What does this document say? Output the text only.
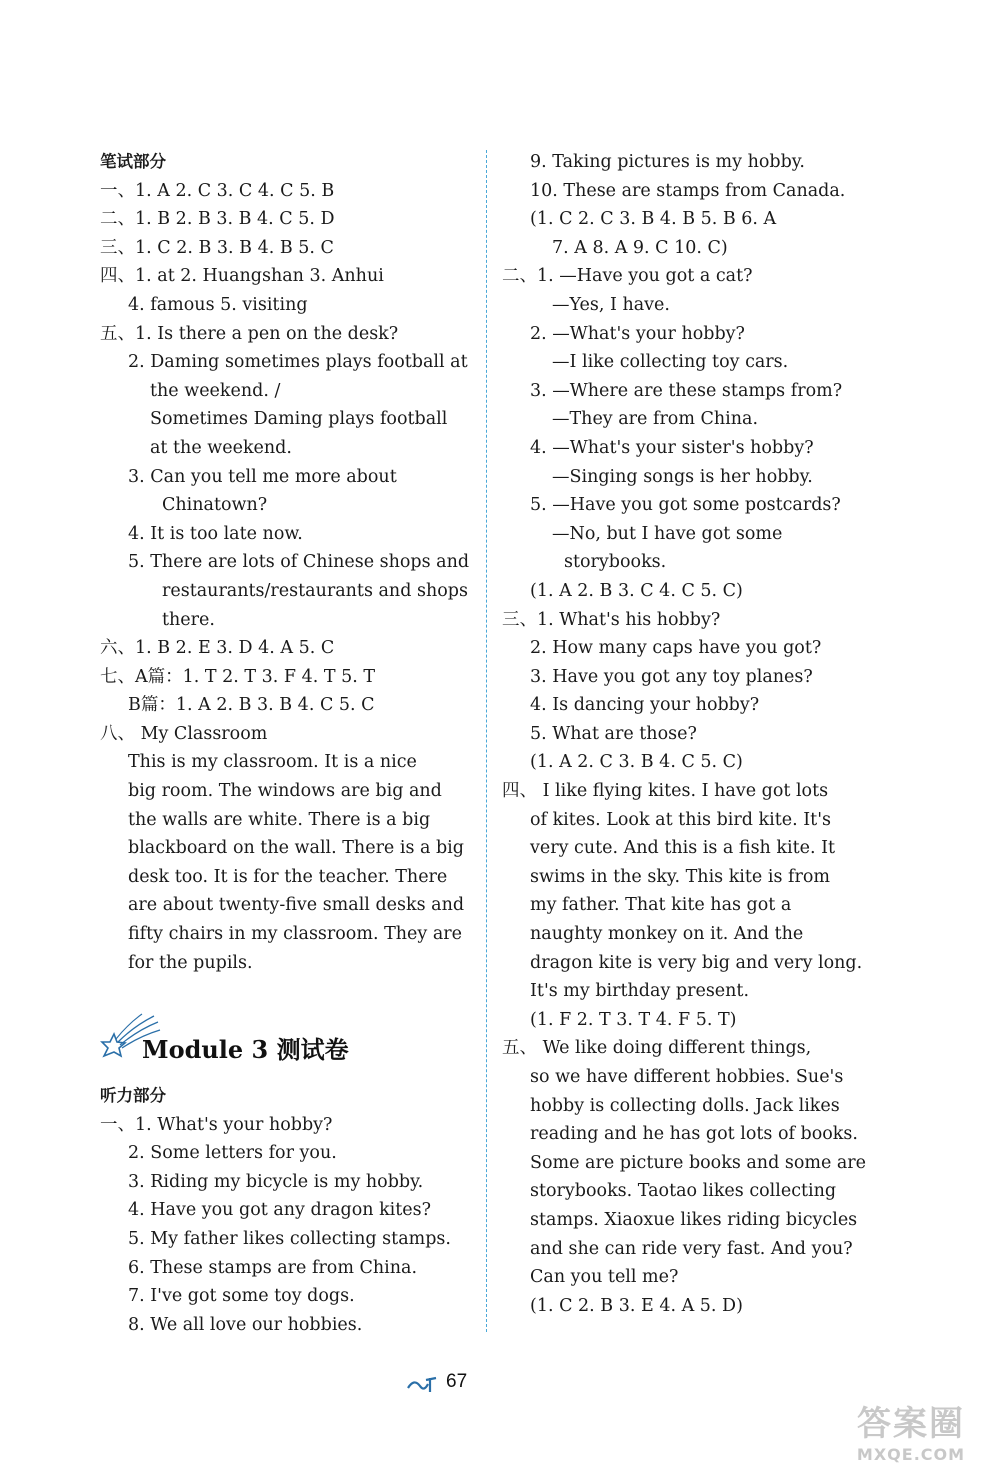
笔试部分
一、1. A 2. C 3. C 4. C 5. B
二、1. B 2. B 3. B 4. C 5. D
三、1. C 2. B 3. B 4. B 5. C
四、1. at 2. Huangshan 3. Anhui
4. famous 5. visiting
五、1. Is there a pen on the desk?
2. Daming sometimes plays football at
the weekend. /
Sometimes Daming plays football
at the weekend.
3. Can you tell me more about
Chinatown?
4. It is too late now.
5. There are lots of Chinese shops and
restaurants/restaurants and shops
there.
六、1. B 2. E 3. D 4. A 5. C
七、A篇：1. T 2. T 3. F 4. T 5. T
B篇：1. A 2. B 3. B 4. C 5. C
八、 My Classroom
This is my classroom. It is a nice
big room. The windows are big and
the walls are white. There is a big
blackboard on the wall. There is a big
desk too. It is for the teacher. There
are about twenty-five small desks and
fifty chairs in my classroom. They are
for the pupils.
Module 3 测试卷
听力部分
一、1. What's your hobby?
2. Some letters for you.
3. Riding my bicycle is my hobby.
4. Have you got any dragon kites?
5. My father likes collecting stamps.
6. These stamps are from China.
7. I've got some toy dogs.
8. We all love our hobbies.
9. Taking pictures is my hobby.
10. These are stamps from Canada.
(1. C 2. C 3. B 4. B 5. B 6. A
7. A 8. A 9. C 10. C)
二、1. —Have you got a cat?
—Yes, I have.
2. —What's your hobby?
—I like collecting toy cars.
3. —Where are these stamps from?
—They are from China.
4. —What's your sister's hobby?
—Singing songs is her hobby.
5. —Have you got some postcards?
—No, but I have got some
storybooks.
(1. A 2. B 3. C 4. C 5. C)
三、1. What's his hobby?
2. How many caps have you got?
3. Have you got any toy planes?
4. Is dancing your hobby?
5. What are those?
(1. A 2. C 3. B 4. C 5. C)
四、 I like flying kites. I have got lots
of kites. Look at this bird kite. It's
very cute. And this is a fish kite. It
swims in the sky. This kite is from
my father. That kite has got a
naughty monkey on it. And the
dragon kite is very big and very long.
It's my birthday present.
(1. F 2. T 3. T 4. F 5. T)
五、 We like doing different things,
so we have different hobbies. Sue's
hobby is collecting dolls. Jack likes
reading and he has got lots of books.
Some are picture books and some are
storybooks. Taotao likes collecting
stamps. Xiaoxue likes riding bicycles
and she can ride very fast. And you?
Can you tell me?
(1. C 2. B 3. E 4. A 5. D)
67
答案圈
MXQE.COM
